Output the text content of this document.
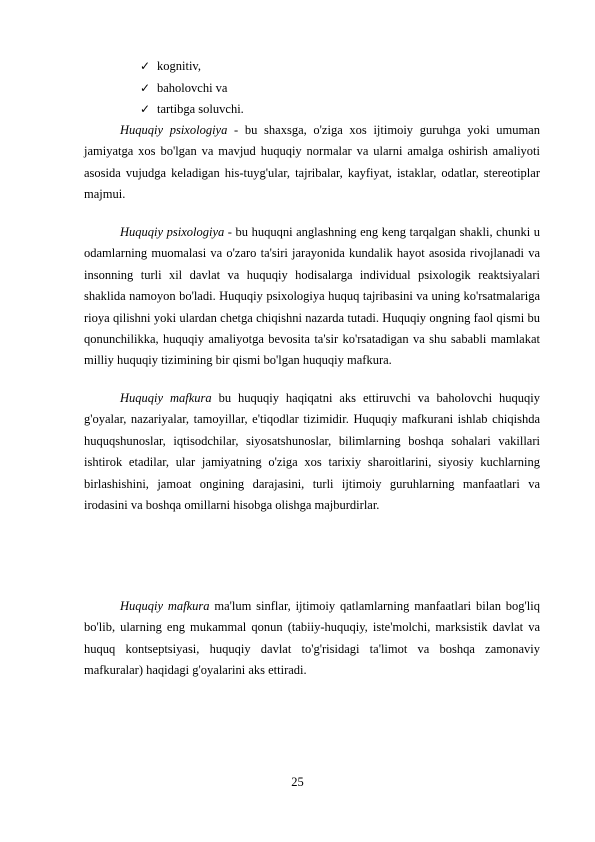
✓ kognitiv,
✓ baholovchi va
✓ tartibga soluvchi.

Huquqiy psixologiya - bu shaxsga, o'ziga xos ijtimoiy guruhga yoki umuman jamiyatga xos bo'lgan va mavjud huquqiy normalar va ularni amalga oshirish amaliyoti asosida vujudga keladigan his-tuyg'ular, tajribalar, kayfiyat, istaklar, odatlar, stereotiplar majmui.

Huquqiy psixologiya - bu huquqni anglashning eng keng tarqalgan shakli, chunki u odamlarning muomalasi va o'zaro ta'siri jarayonida kundalik hayot asosida rivojlanadi va insonning turli xil davlat va huquqiy hodisalarga individual psixologik reaktsiyalari shaklida namoyon bo'ladi. Huquqiy psixologiya huquq tajribasini va uning ko'rsatmalariga rioya qilishni yoki ulardan chetga chiqishni nazarda tutadi. Huquqiy ongning faol qismi bu qonunchilikka, huquqiy amaliyotga bevosita ta'sir ko'rsatadigan va shu sababli mamlakat milliy huquqiy tizimining bir qismi bo'lgan huquqiy mafkura.

Huquqiy mafkura bu huquqiy haqiqatni aks ettiruvchi va baholovchi huquqiy g'oyalar, nazariyalar, tamoyillar, e'tiqodlar tizimidir. Huquqiy mafkurani ishlab chiqishda huquqshunoslar, iqtisodchilar, siyosatshunoslar, bilimlarning boshqa sohalari vakillari ishtirok etadilar, ular jamiyatning o'ziga xos tarixiy sharoitlarini, siyosiy kuchlarning birlashishini, jamoat ongining darajasini, turli ijtimoiy guruhlarning manfaatlari va irodasini va boshqa omillarni hisobga olishga majburdirlar.

Huquqiy mafkura ma'lum sinflar, ijtimoiy qatlamlarning manfaatlari bilan bog'liq bo'lib, ularning eng mukammal qonun (tabiiy-huquqiy, iste'molchi, marksistik davlat va huquq kontseptsiyasi, huquqiy davlat to'g'risidagi ta'limot va boshqa zamonaviy mafkuralar) haqidagi g'oyalarini aks ettiradi.

25
